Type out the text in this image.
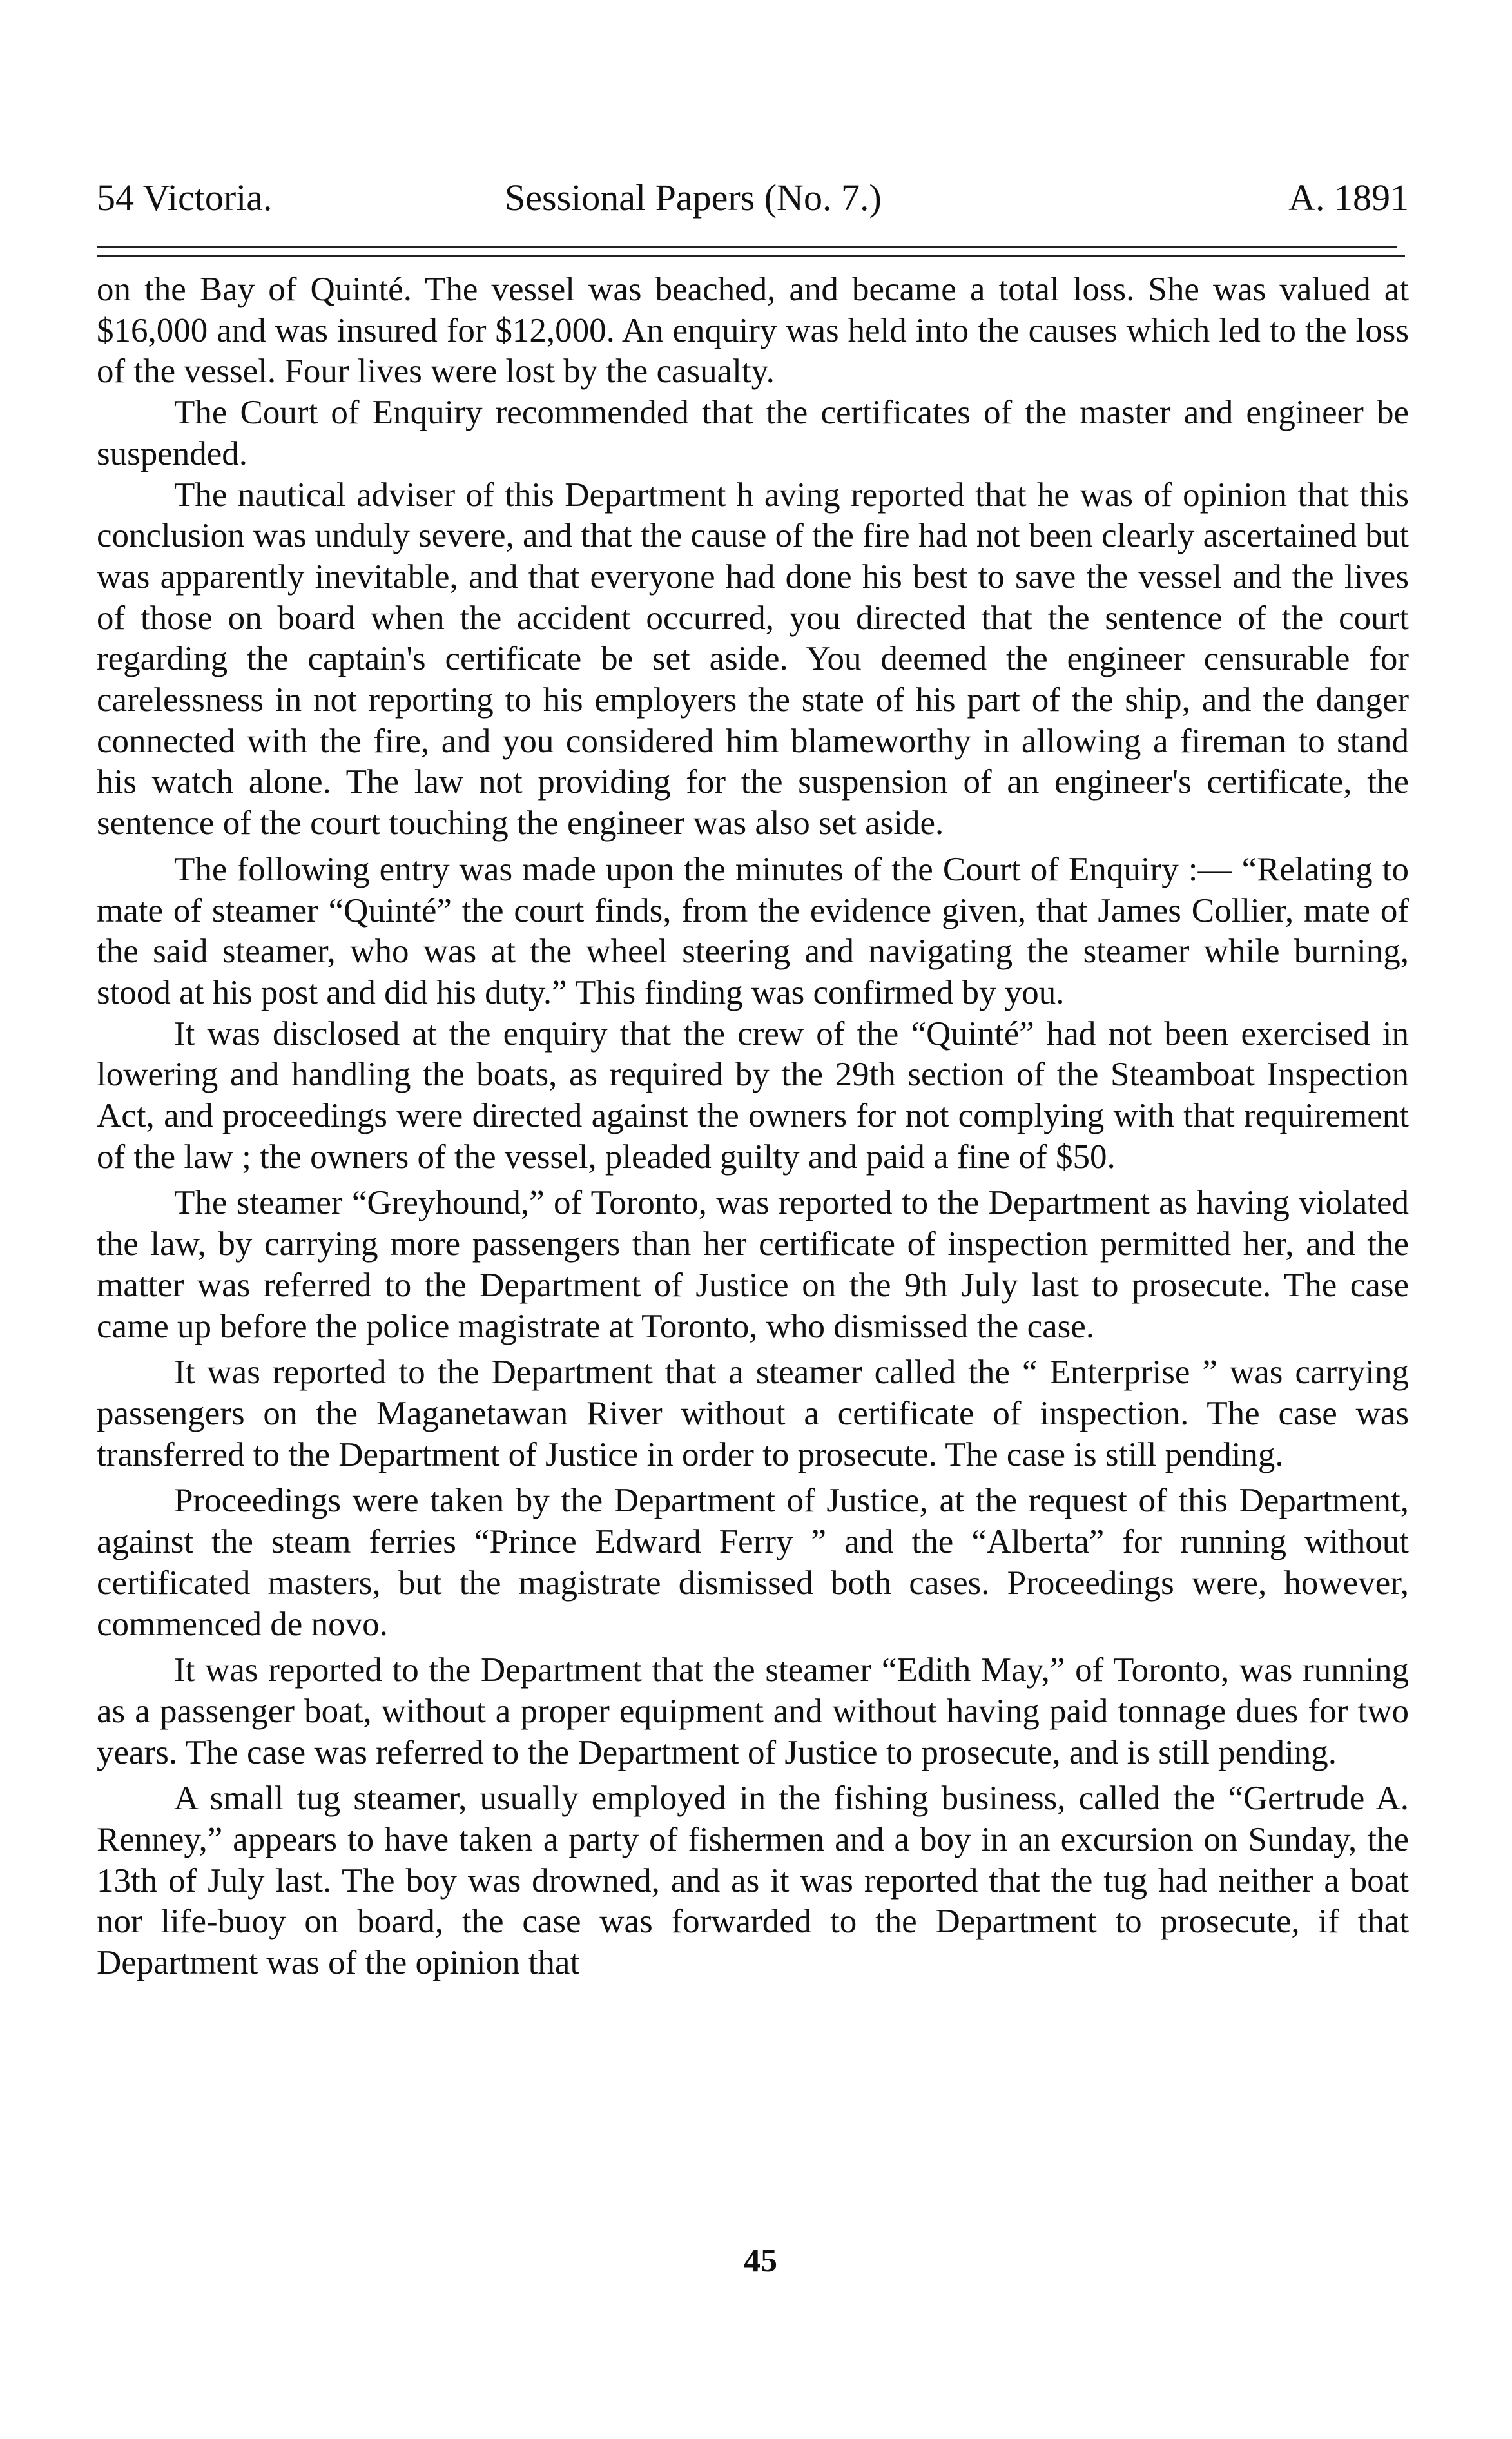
54 Victoria.	Sessional Papers (No. 7.)	A. 1891

on the Bay of Quinté. The vessel was beached, and became a total loss. She was valued at $16,000 and was insured for $12,000. An enquiry was held into the causes which led to the loss of the vessel. Four lives were lost by the casualty.

The Court of Enquiry recommended that the certificates of the master and engineer be suspended.

The nautical adviser of this Department h aving reported that he was of opinion that this conclusion was unduly severe, and that the cause of the fire had not been clearly ascertained but was apparently inevitable, and that everyone had done his best to save the vessel and the lives of those on board when the accident occurred, you directed that the sentence of the court regarding the captain's certificate be set aside. You deemed the engineer censurable for carelessness in not reporting to his employers the state of his part of the ship, and the danger connected with the fire, and you considered him blameworthy in allowing a fireman to stand his watch alone. The law not providing for the suspension of an engineer's certificate, the sentence of the court touching the engineer was also set aside.

The following entry was made upon the minutes of the Court of Enquiry :— “Relating to mate of steamer “Quinté” the court finds, from the evidence given, that James Collier, mate of the said steamer, who was at the wheel steering and navigating the steamer while burning, stood at his post and did his duty.” This finding was confirmed by you.

It was disclosed at the enquiry that the crew of the “Quinté” had not been exercised in lowering and handling the boats, as required by the 29th section of the Steamboat Inspection Act, and proceedings were directed against the owners for not complying with that requirement of the law ; the owners of the vessel, pleaded guilty and paid a fine of $50.

The steamer “Greyhound,” of Toronto, was reported to the Department as having violated the law, by carrying more passengers than her certificate of inspection permitted her, and the matter was referred to the Department of Justice on the 9th July last to prosecute. The case came up before the police magistrate at Toronto, who dismissed the case.

It was reported to the Department that a steamer called the “ Enterprise ” was carrying passengers on the Maganetawan River without a certificate of inspection. The case was transferred to the Department of Justice in order to prosecute. The case is still pending.

Proceedings were taken by the Department of Justice, at the request of this Department, against the steam ferries “Prince Edward Ferry ” and the “Alberta” for running without certificated masters, but the magistrate dismissed both cases. Proceedings were, however, commenced de novo.

It was reported to the Department that the steamer “Edith May,” of Toronto, was running as a passenger boat, without a proper equipment and without having paid tonnage dues for two years. The case was referred to the Department of Justice to prosecute, and is still pending.

A small tug steamer, usually employed in the fishing business, called the “Gertrude A. Renney,” appears to have taken a party of fishermen and a boy in an excursion on Sunday, the 13th of July last. The boy was drowned, and as it was reported that the tug had neither a boat nor life-buoy on board, the case was forwarded to the Department to prosecute, if that Department was of the opinion that

45
